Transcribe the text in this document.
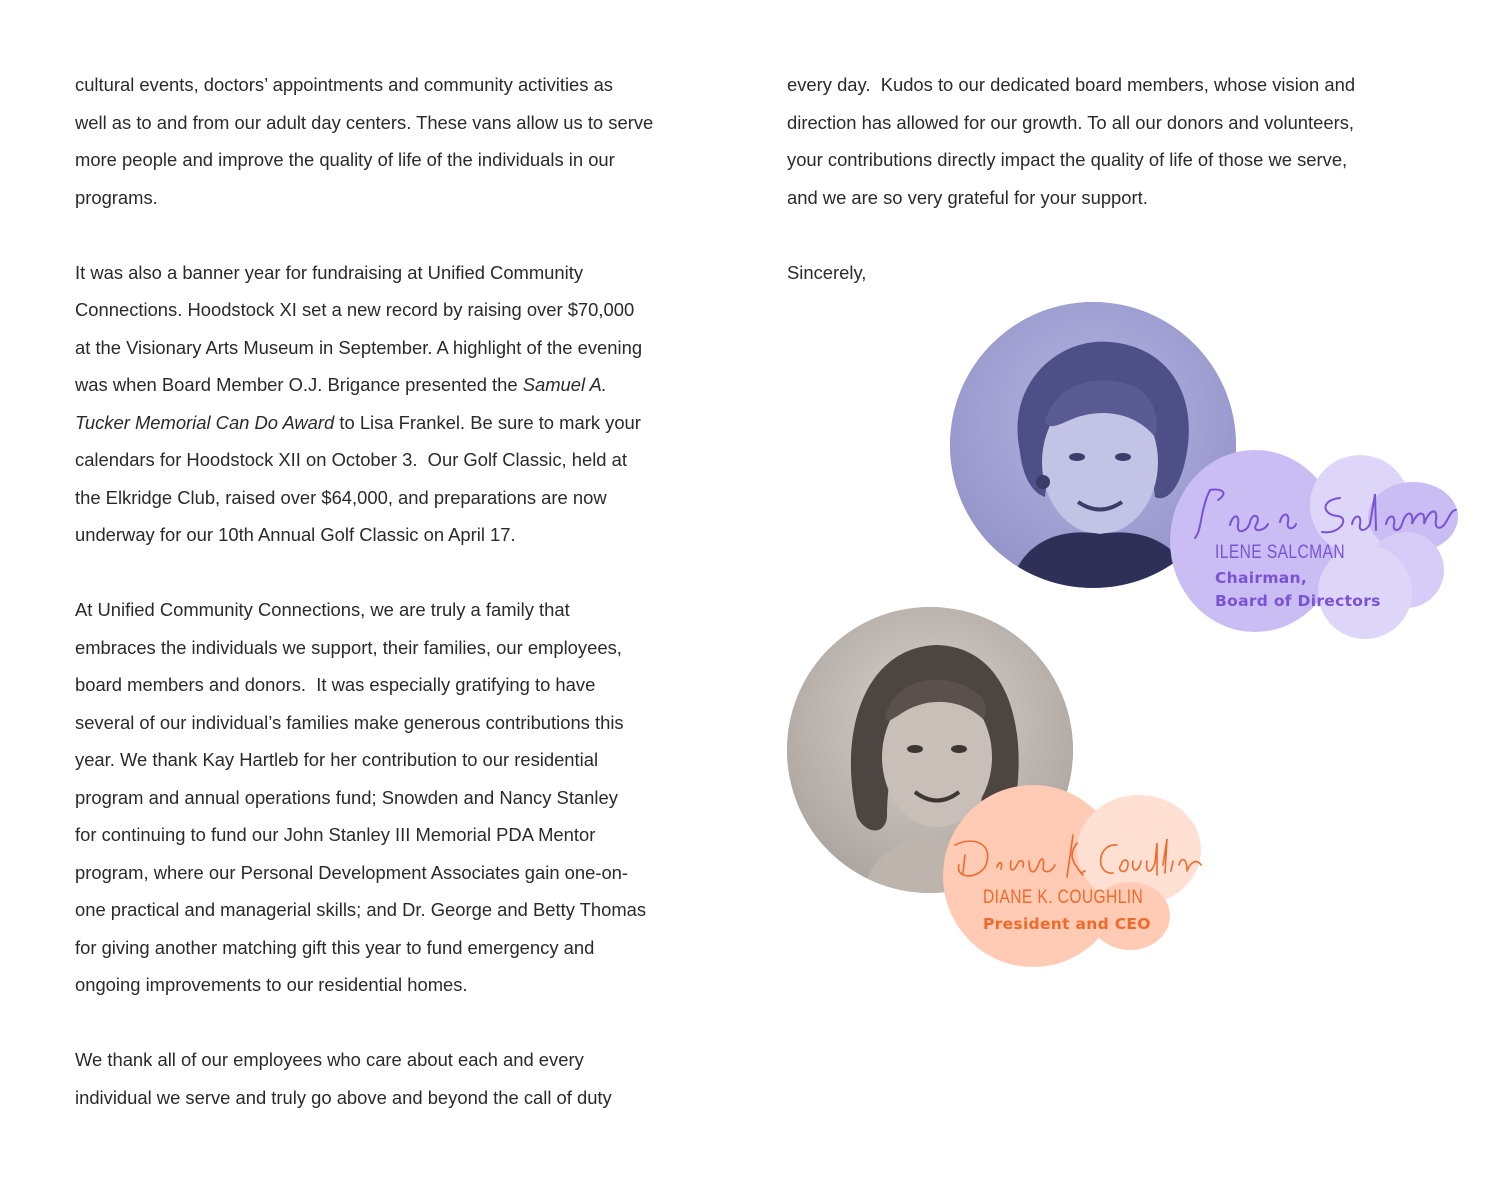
cultural events, doctors’ appointments and community activities as

well as to and from our adult day centers. These vans allow us to serve

more people and improve the quality of life of the individuals in our

programs.

It was also a banner year for fundraising at Unified Community

Connections. Hoodstock XI set a new record by raising over $70,000

at the Visionary Arts Museum in September. A highlight of the evening

was when Board Member O.J. Brigance presented the Samuel A.

Tucker Memorial Can Do Award to Lisa Frankel. Be sure to mark your

calendars for Hoodstock XII on October 3.  Our Golf Classic, held at

the Elkridge Club, raised over $64,000, and preparations are now

underway for our 10th Annual Golf Classic on April 17.

At Unified Community Connections, we are truly a family that

embraces the individuals we support, their families, our employees,

board members and donors.  It was especially gratifying to have

several of our individual’s families make generous contributions this

year. We thank Kay Hartleb for her contribution to our residential

program and annual operations fund; Snowden and Nancy Stanley

for continuing to fund our John Stanley III Memorial PDA Mentor

program, where our Personal Development Associates gain one-on-

one practical and managerial skills; and Dr. George and Betty Thomas

for giving another matching gift this year to fund emergency and

ongoing improvements to our residential homes.

We thank all of our employees who care about each and every

individual we serve and truly go above and beyond the call of duty

every day.  Kudos to our dedicated board members, whose vision and

direction has allowed for our growth. To all our donors and volunteers,

your contributions directly impact the quality of life of those we serve,

and we are so very grateful for your support.

Sincerely,

ILENE SALCMAN
Chairman,
Board of Directors
DIANE K. COUGHLIN
President and CEO
